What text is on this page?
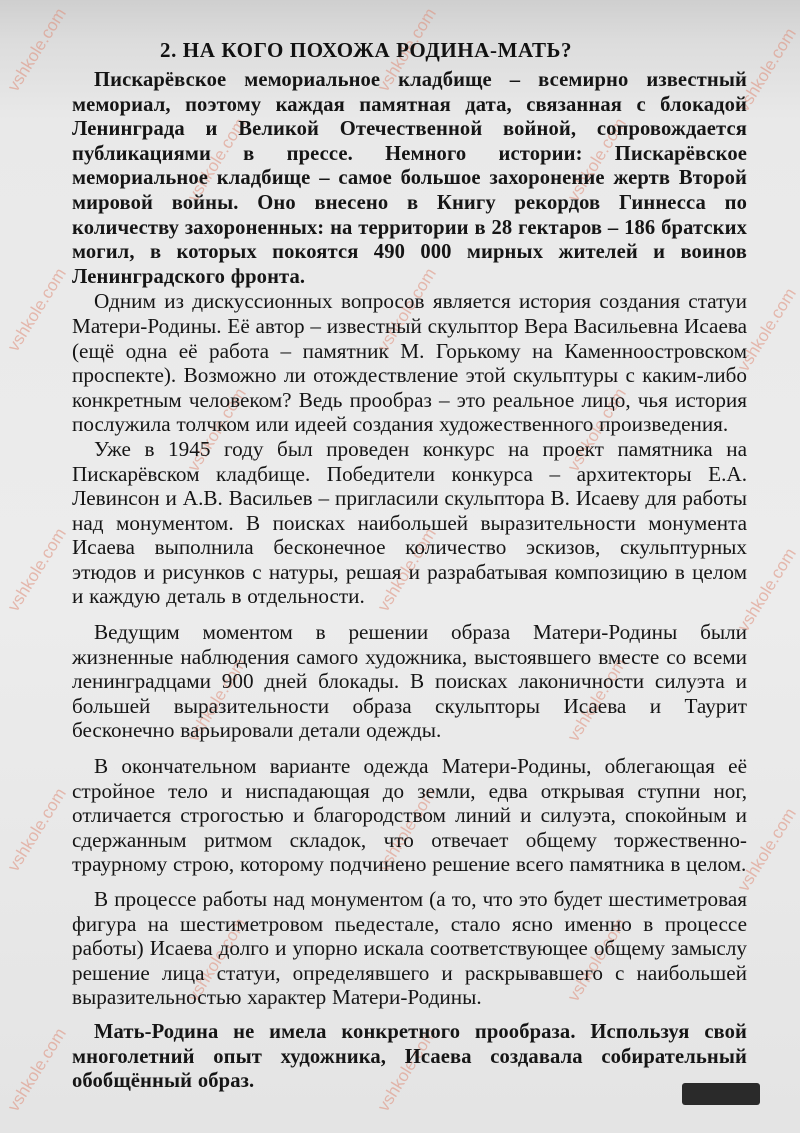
vshkole.com
vshkole.com
vshkole.com
vshkole.com
vshkole.com
vshkole.com
vshkole.com
vshkole.com
vshkole.com
vshkole.com
vshkole.com
vshkole.com
vshkole.com
vshkole.com
vshkole.com
vshkole.com
vshkole.com
vshkole.com
vshkole.com
vshkole.com
vshkole.com
vshkole.com
2. НА КОГО ПОХОЖА РОДИНА-МАТЬ?

Пискарёвское мемориальное кладбище – всемирно известный мемориал, поэтому каждая памятная дата, связанная с блокадой Ленинграда и Великой Отечественной войной, сопровождается публикациями в прессе. Немного истории: Пискарёвское мемориальное кладбище – самое большое захоронение жертв Второй мировой войны. Оно внесено в Книгу рекордов Гиннесса по количеству захороненных: на территории в 28 гектаров – 186 братских могил, в которых покоятся 490 000 мирных жителей и воинов Ленинградского фронта.

Одним из дискуссионных вопросов является история создания статуи Матери-Родины. Её автор – известный скульптор Вера Васильевна Исаева (ещё одна её работа – памятник М. Горькому на Каменноостровском проспекте). Возможно ли отождествление этой скульптуры с каким-либо конкретным человеком? Ведь прообраз – это реальное лицо, чья история послужила толчком или идеей создания художественного произведения.

Уже в 1945 году был проведен конкурс на проект памятника на Пискарёвском кладбище. Победители конкурса – архитекторы Е.А. Левинсон и А.В. Васильев – пригласили скульптора В. Исаеву для работы над монументом. В поисках наибольшей выразительности монумента Исаева выполнила бесконечное количество эскизов, скульптурных этюдов и рисунков с натуры, решая и разрабатывая композицию в целом и каждую деталь в отдельности.

Ведущим моментом в решении образа Матери-Родины были жизненные наблюдения самого художника, выстоявшего вместе со всеми ленинградцами 900 дней блокады. В поисках лаконичности силуэта и большей выразительности образа скульпторы Исаева и Таурит бесконечно варьировали детали одежды.

В окончательном варианте одежда Матери-Родины, облегающая её стройное тело и ниспадающая до земли, едва открывая ступни ног, отличается строгостью и благородством линий и силуэта, спокойным и сдержанным ритмом складок, что отвечает общему торжественно-траурному строю, которому подчинено решение всего памятника в целом.

В процессе работы над монументом (а то, что это будет шестиметровая фигура на шестиметровом пьедестале, стало ясно именно в процессе работы) Исаева долго и упорно искала соответствующее общему замыслу решение лица статуи, определявшего и раскрывавшего с наибольшей выразительностью характер Матери-Родины.

Мать-Родина не имела конкретного прообраза. Используя свой многолетний опыт художника, Исаева создавала собирательный обобщённый образ.
